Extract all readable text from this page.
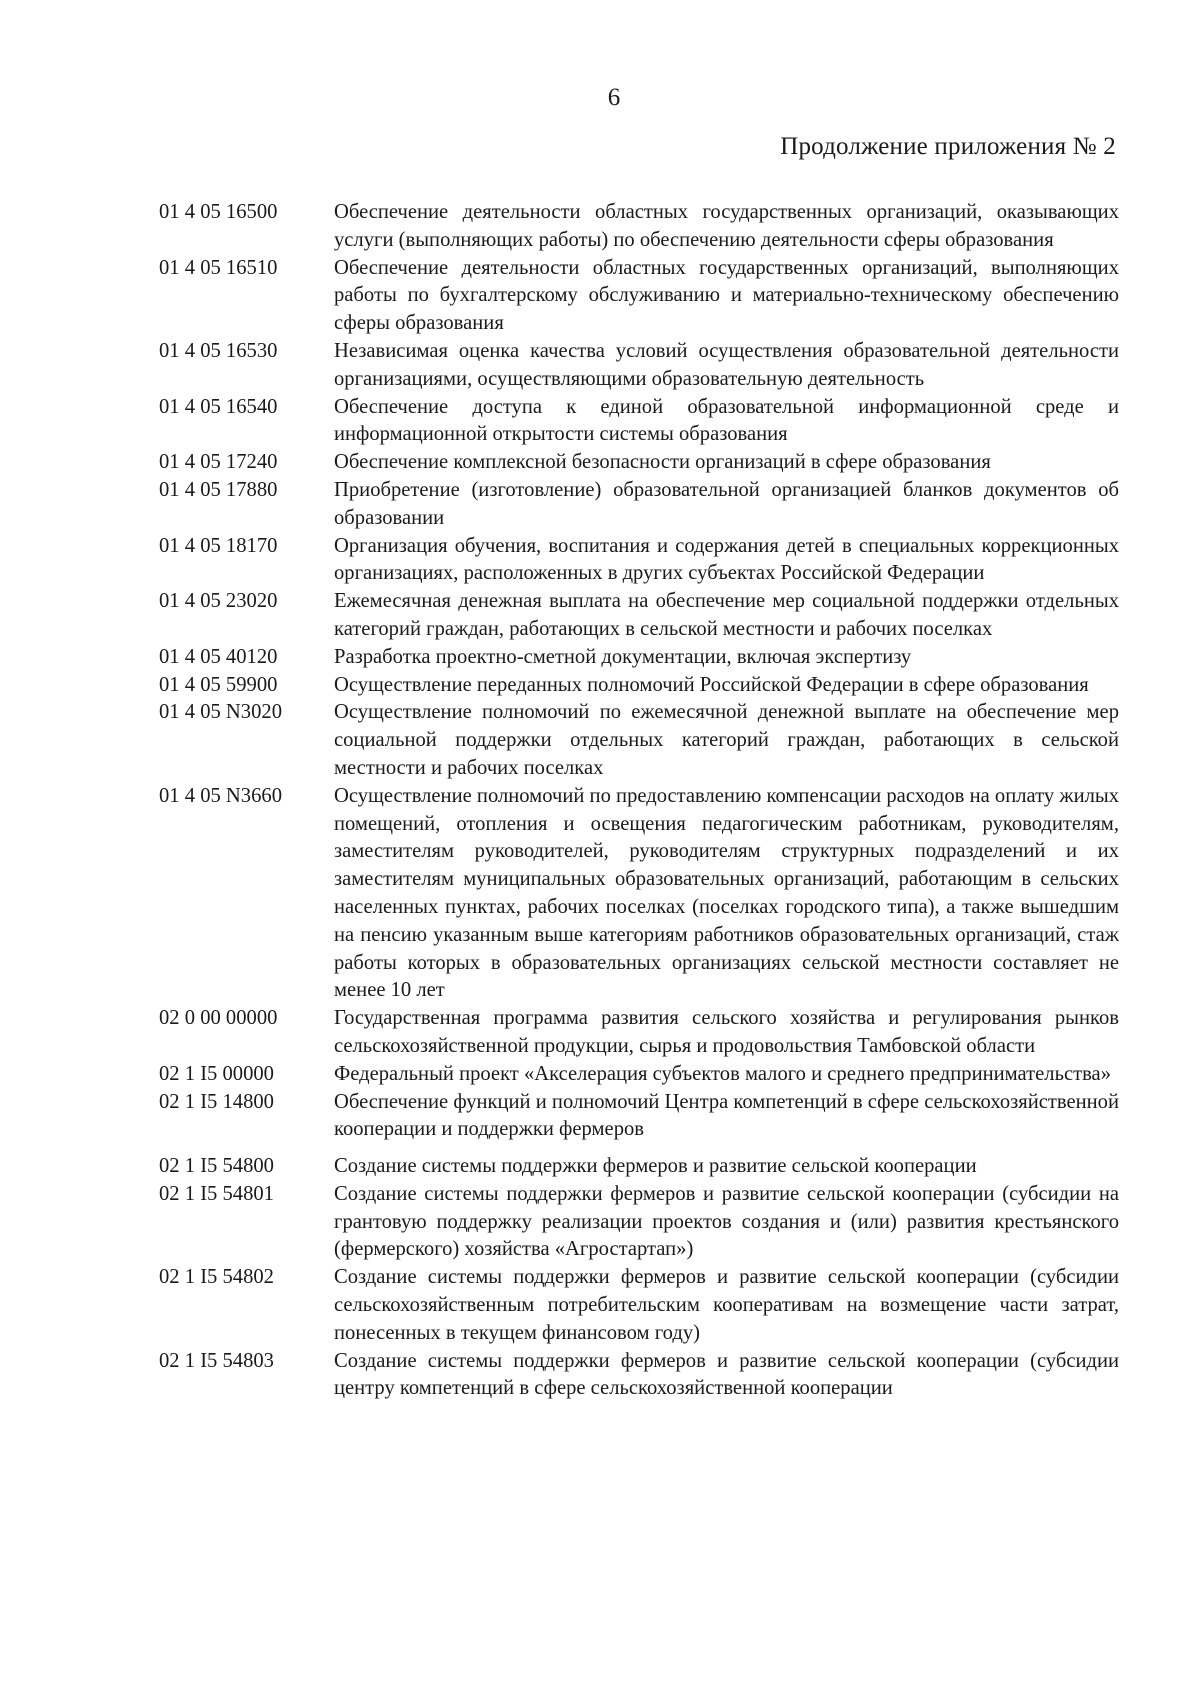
6
Продолжение приложения № 2
01 4 05 16500	Обеспечение деятельности областных государственных организаций, оказывающих услуги (выполняющих работы) по обеспечению деятельности сферы образования
01 4 05 16510	Обеспечение деятельности областных государственных организаций, выполняющих работы по бухгалтерскому обслуживанию и материально-техническому обеспечению сферы образования
01 4 05 16530	Независимая оценка качества условий осуществления образовательной деятельности организациями, осуществляющими образовательную деятельность
01 4 05 16540	Обеспечение доступа к единой образовательной информационной среде и информационной открытости системы образования
01 4 05 17240	Обеспечение комплексной безопасности организаций в сфере образования
01 4 05 17880	Приобретение (изготовление) образовательной организацией бланков документов об образовании
01 4 05 18170	Организация обучения, воспитания и содержания детей в специальных коррекционных организациях, расположенных в других субъектах Российской Федерации
01 4 05 23020	Ежемесячная денежная выплата на обеспечение мер социальной поддержки отдельных категорий граждан, работающих в сельской местности и рабочих поселках
01 4 05 40120	Разработка проектно-сметной документации, включая экспертизу
01 4 05 59900	Осуществление переданных полномочий Российской Федерации в сфере образования
01 4 05 N3020	Осуществление полномочий по ежемесячной денежной выплате на обеспечение мер социальной поддержки отдельных категорий граждан, работающих в сельской местности и рабочих поселках
01 4 05 N3660	Осуществление полномочий по предоставлению компенсации расходов на оплату жилых помещений, отопления и освещения педагогическим работникам, руководителям, заместителям руководителей, руководителям структурных подразделений и их заместителям муниципальных образовательных организаций, работающим в сельских населенных пунктах, рабочих поселках (поселках городского типа), а также вышедшим на пенсию указанным выше категориям работников образовательных организаций, стаж работы которых в образовательных организациях сельской местности составляет не менее 10 лет
02 0 00 00000	Государственная программа развития сельского хозяйства и регулирования рынков сельскохозяйственной продукции, сырья и продовольствия Тамбовской области
02 1 I5 00000	Федеральный проект «Акселерация субъектов малого и среднего предпринимательства»
02 1 I5 14800	Обеспечение функций и полномочий Центра компетенций в сфере сельскохозяйственной кооперации и поддержки фермеров
02 1 I5 54800	Создание системы поддержки фермеров и развитие сельской кооперации
02 1 I5 54801	Создание системы поддержки фермеров и развитие сельской кооперации (субсидии на грантовую поддержку реализации проектов создания и (или) развития крестьянского (фермерского) хозяйства «Агростартап»)
02 1 I5 54802	Создание системы поддержки фермеров и развитие сельской кооперации (субсидии сельскохозяйственным потребительским кооперативам на возмещение части затрат, понесенных в текущем финансовом году)
02 1 I5 54803	Создание системы поддержки фермеров и развитие сельской кооперации (субсидии центру компетенций в сфере сельскохозяйственной кооперации
